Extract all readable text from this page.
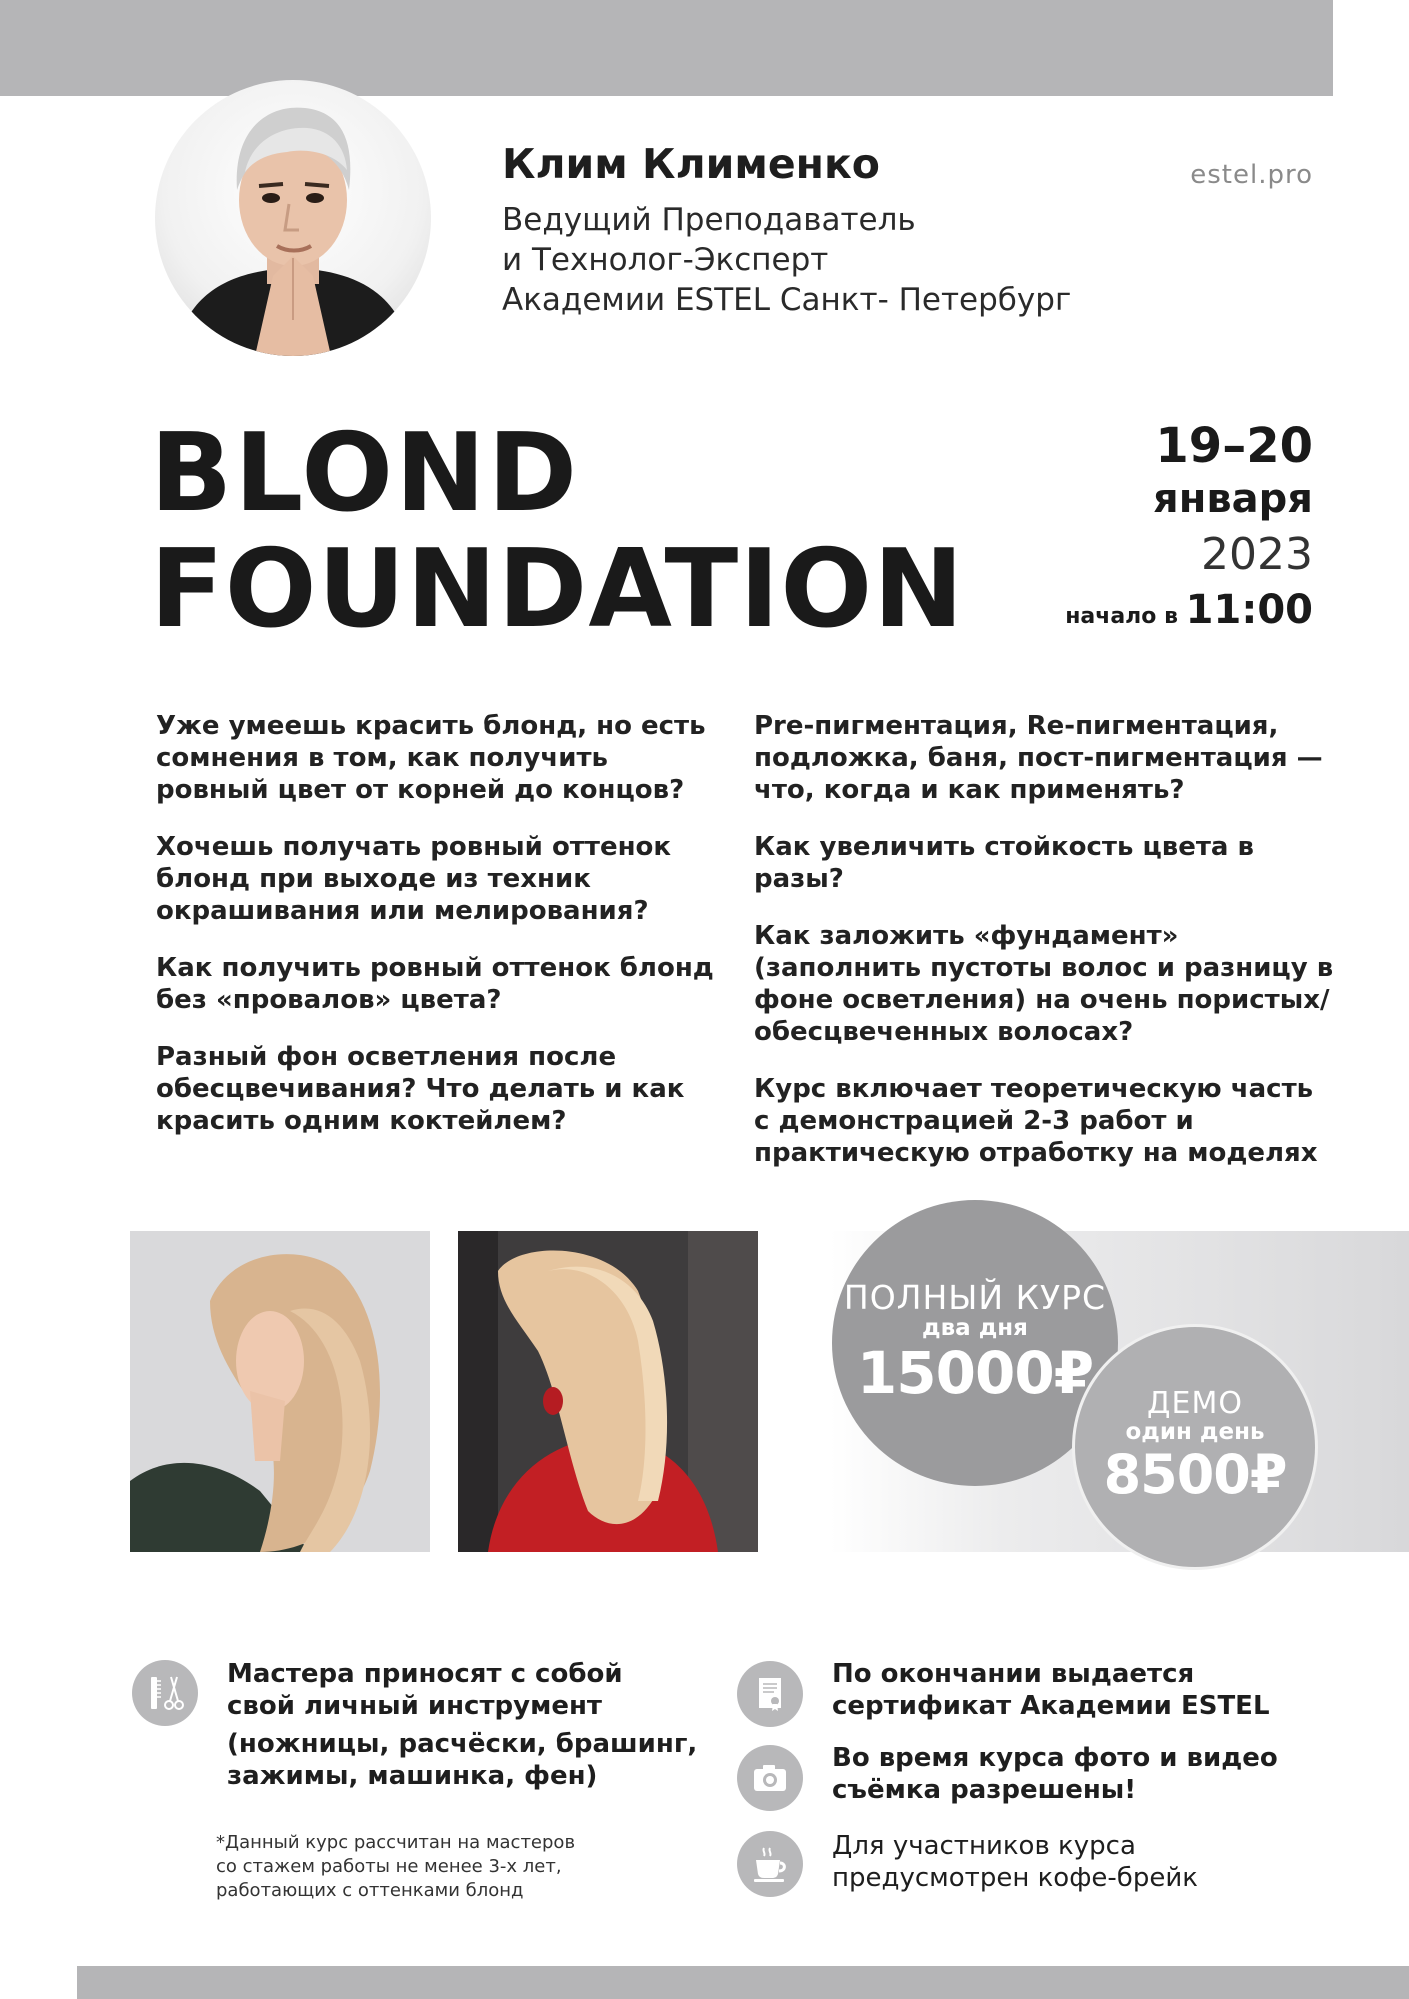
Клим Клименко
Ведущий Преподаватель
и Технолог-Эксперт
Академии ESTEL Санкт- Петербург
estel.pro
BLOND
FOUNDATION
19–20
января
2023
начало в 11:00

Уже умеешь красить блонд, но есть сомнения в том, как получить ровный цвет от корней до концов?

Хочешь получать ровный оттенок блонд при выходе из техник окрашивания или мелирования?

Как получить ровный оттенок блонд без «провалов» цвета?

Разный фон осветления после обесцвечивания? Что делать и как красить одним коктейлем?

Pre-пигментация, Re-пигментация, подложка, баня, пост-пигментация — что, когда и как применять?

Как увеличить стойкость цвета в разы?

Как заложить «фундамент» (заполнить пустоты волос и разницу в фоне осветления) на очень пористых/обесцвеченных волосах?

Курс включает теоретическую часть с демонстрацией 2-3 работ и практическую отработку на моделях

ПОЛНЫЙ КУРС
два дня
15000₽ ДЕМО
один день
8500₽
Мастера приносят с собой
свой личный инструмент
(ножницы, расчёски, брашинг,
зажимы, машинка, фен)
*Данный курс рассчитан на мастеров
со стажем работы не менее 3-х лет,
работающих с оттенками блонд
По окончании выдается
сертификат Академии ESTEL
Во время курса фото и видео
съёмка разрешены!
Для участников курса
предусмотрен кофе-брейк
